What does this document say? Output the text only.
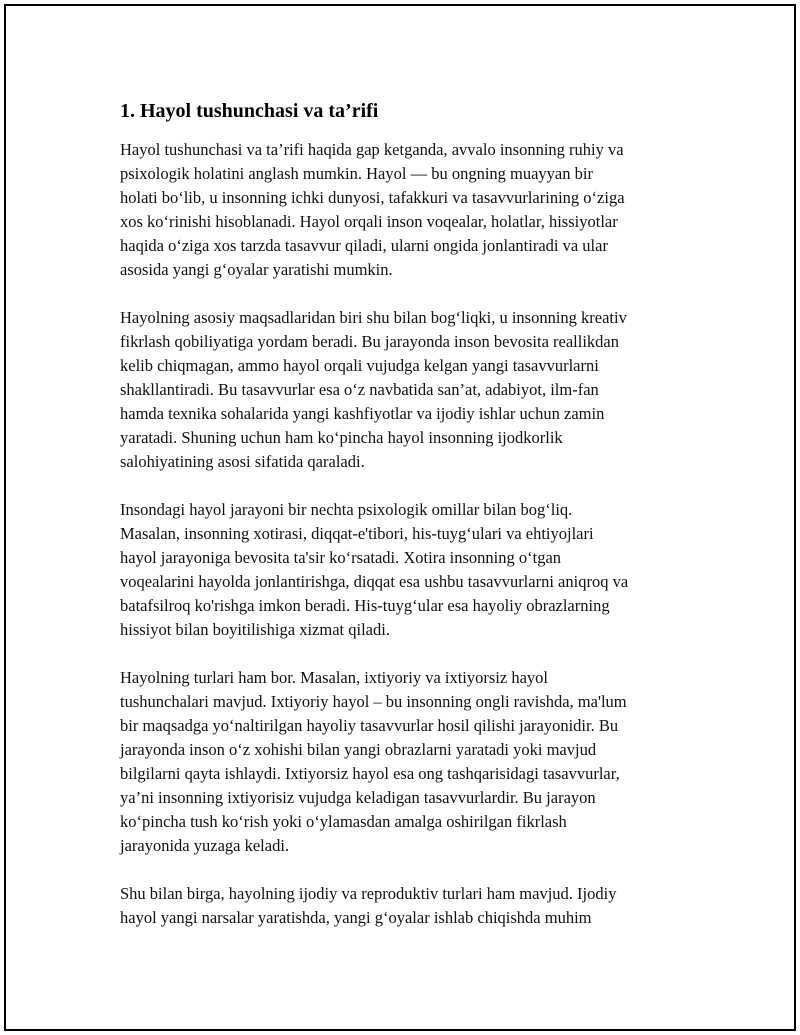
1. Hayol tushunchasi va ta’rifi

Hayol tushunchasi va ta’rifi haqida gap ketganda, avvalo insonning ruhiy va
psixologik holatini anglash mumkin. Hayol — bu ongning muayyan bir
holati boʻlib, u insonning ichki dunyosi, tafakkuri va tasavvurlarining oʻziga
xos koʻrinishi hisoblanadi. Hayol orqali inson voqealar, holatlar, hissiyotlar
haqida oʻziga xos tarzda tasavvur qiladi, ularni ongida jonlantiradi va ular
asosida yangi gʻoyalar yaratishi mumkin.

Hayolning asosiy maqsadlaridan biri shu bilan bogʻliqki, u insonning kreativ
fikrlash qobiliyatiga yordam beradi. Bu jarayonda inson bevosita reallikdan
kelib chiqmagan, ammo hayol orqali vujudga kelgan yangi tasavvurlarni
shakllantiradi. Bu tasavvurlar esa oʻz navbatida san’at, adabiyot, ilm-fan
hamda texnika sohalarida yangi kashfiyotlar va ijodiy ishlar uchun zamin
yaratadi. Shuning uchun ham koʻpincha hayol insonning ijodkorlik
salohiyatining asosi sifatida qaraladi.

Insondagi hayol jarayoni bir nechta psixologik omillar bilan bogʻliq.
Masalan, insonning xotirasi, diqqat-e'tibori, his-tuygʻulari va ehtiyojlari
hayol jarayoniga bevosita ta'sir koʻrsatadi. Xotira insonning oʻtgan
voqealarini hayolda jonlantirishga, diqqat esa ushbu tasavvurlarni aniqroq va
batafsilroq ko'rishga imkon beradi. His-tuygʻular esa hayoliy obrazlarning
hissiyot bilan boyitilishiga xizmat qiladi.

Hayolning turlari ham bor. Masalan, ixtiyoriy va ixtiyorsiz hayol
tushunchalari mavjud. Ixtiyoriy hayol – bu insonning ongli ravishda, ma'lum
bir maqsadga yoʻnaltirilgan hayoliy tasavvurlar hosil qilishi jarayonidir. Bu
jarayonda inson oʻz xohishi bilan yangi obrazlarni yaratadi yoki mavjud
bilgilarni qayta ishlaydi. Ixtiyorsiz hayol esa ong tashqarisidagi tasavvurlar,
ya’ni insonning ixtiyorisiz vujudga keladigan tasavvurlardir. Bu jarayon
koʻpincha tush koʻrish yoki oʻylamasdan amalga oshirilgan fikrlash
jarayonida yuzaga keladi.

Shu bilan birga, hayolning ijodiy va reproduktiv turlari ham mavjud. Ijodiy
hayol yangi narsalar yaratishda, yangi gʻoyalar ishlab chiqishda muhim
